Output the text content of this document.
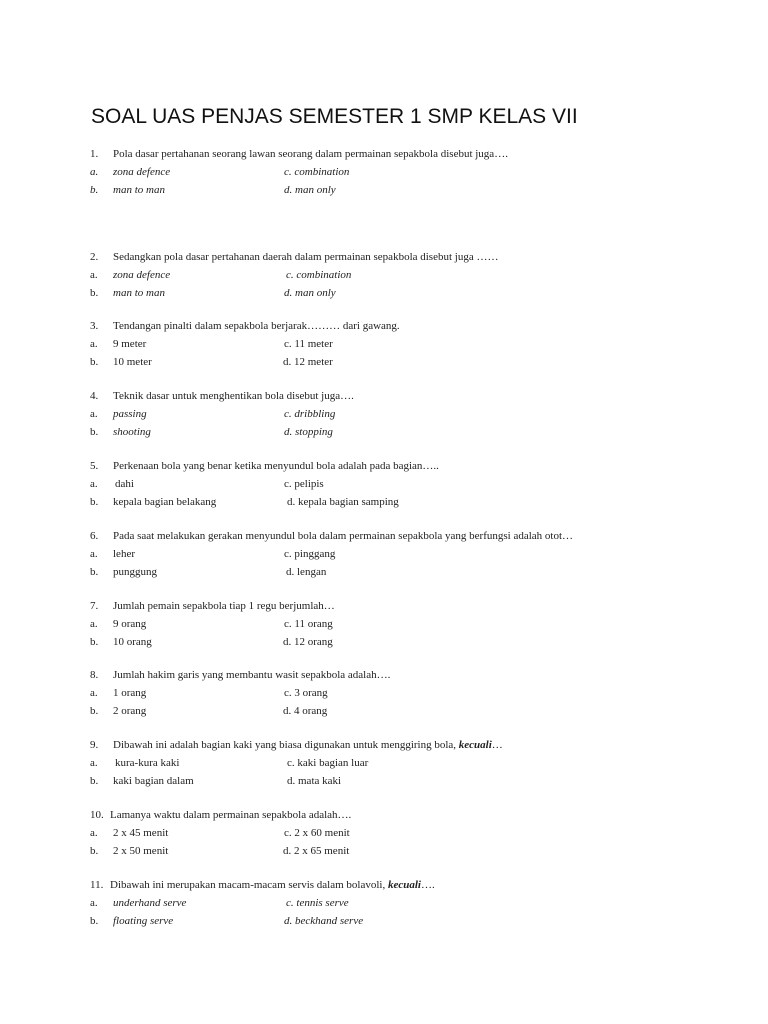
SOAL UAS PENJAS SEMESTER 1 SMP KELAS VII
1. Pola dasar pertahanan seorang lawan seorang dalam permainan sepakbola disebut juga….
a. zona defence	c. combination
b. man to man	d. man only
2. Sedangkan pola dasar pertahanan daerah dalam permainan sepakbola disebut juga ……
a. zona defence	c. combination
b. man to man	d. man only
3. Tendangan pinalti dalam sepakbola berjarak……… dari gawang.
a. 9 meter	c. 11 meter
b. 10 meter	d. 12 meter
4. Teknik dasar untuk menghentikan bola disebut juga….
a. passing	c. dribbling
b. shooting	d. stopping
5. Perkenaan bola yang benar ketika menyundul bola adalah pada bagian…..
a. dahi	c. pelipis
b. kepala bagian belakang	d. kepala bagian samping
6. Pada saat melakukan gerakan menyundul bola dalam permainan sepakbola yang berfungsi adalah otot…
a. leher	c. pinggang
b. punggung	d. lengan
7. Jumlah pemain sepakbola tiap 1 regu berjumlah…
a. 9 orang	c. 11 orang
b. 10 orang	d. 12 orang
8. Jumlah hakim garis yang membantu wasit sepakbola adalah….
a. 1 orang	c. 3 orang
b. 2 orang	d. 4 orang
9. Dibawah ini adalah bagian kaki yang biasa digunakan untuk menggiring bola, kecuali…
a. kura-kura kaki	c. kaki bagian luar
b. kaki bagian dalam	d. mata kaki
10. Lamanya waktu dalam permainan sepakbola adalah….
a. 2 x 45 menit	c. 2 x 60 menit
b. 2 x 50 menit	d. 2 x 65 menit
11. Dibawah ini merupakan macam-macam servis dalam bolavoli, kecuali….
a. underhand serve	c. tennis serve
b. floating serve	d. beckhand serve
